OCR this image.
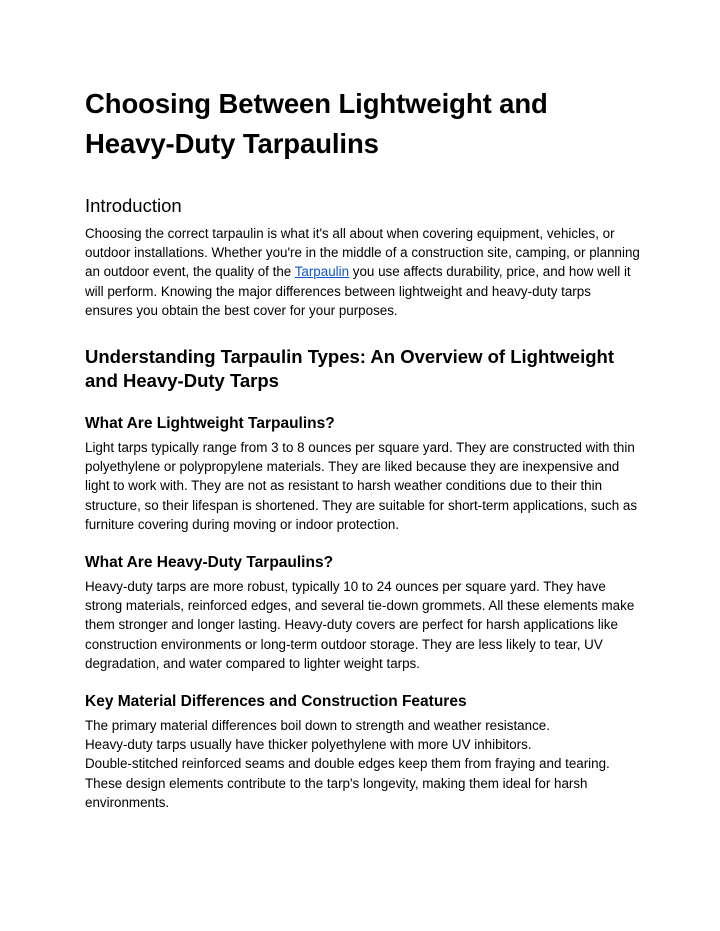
Choosing Between Lightweight and Heavy-Duty Tarpaulins
Introduction

Choosing the correct tarpaulin is what it's all about when covering equipment, vehicles, or outdoor installations. Whether you're in the middle of a construction site, camping, or planning an outdoor event, the quality of the Tarpaulin you use affects durability, price, and how well it will perform. Knowing the major differences between lightweight and heavy-duty tarps ensures you obtain the best cover for your purposes.

Understanding Tarpaulin Types: An Overview of Lightweight and Heavy-Duty Tarps
What Are Lightweight Tarpaulins?

Light tarps typically range from 3 to 8 ounces per square yard. They are constructed with thin polyethylene or polypropylene materials. They are liked because they are inexpensive and light to work with. They are not as resistant to harsh weather conditions due to their thin structure, so their lifespan is shortened. They are suitable for short-term applications, such as furniture covering during moving or indoor protection.

What Are Heavy-Duty Tarpaulins?

Heavy-duty tarps are more robust, typically 10 to 24 ounces per square yard. They have strong materials, reinforced edges, and several tie-down grommets. All these elements make them stronger and longer lasting. Heavy-duty covers are perfect for harsh applications like construction environments or long-term outdoor storage. They are less likely to tear, UV degradation, and water compared to lighter weight tarps.

Key Material Differences and Construction Features

The primary material differences boil down to strength and weather resistance.

Heavy-duty tarps usually have thicker polyethylene with more UV inhibitors.

Double-stitched reinforced seams and double edges keep them from fraying and tearing. These design elements contribute to the tarp's longevity, making them ideal for harsh environments.
